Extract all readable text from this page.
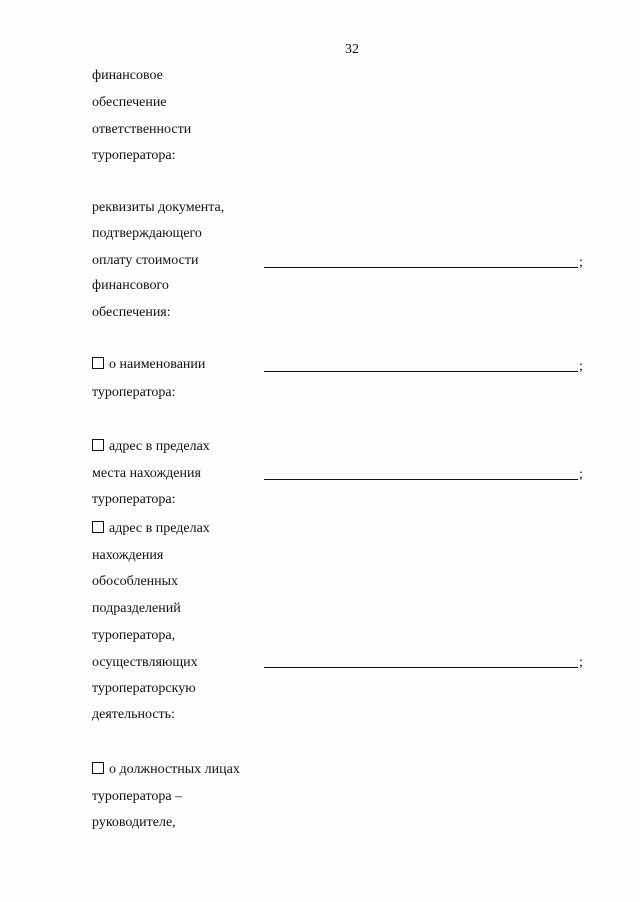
32
финансовое
обеспечение
ответственности
туроператора:
реквизиты документа,
подтверждающего
оплату стоимости	;
финансового
обеспечения:
о наименовании	;
туроператора:
адрес в пределах
места нахождения	;
туроператора:
адрес в пределах
нахождения
обособленных
подразделений
туроператора,
осуществляющих	;
туроператорскую
деятельность:
о должностных лицах
туроператора –
руководителе,
